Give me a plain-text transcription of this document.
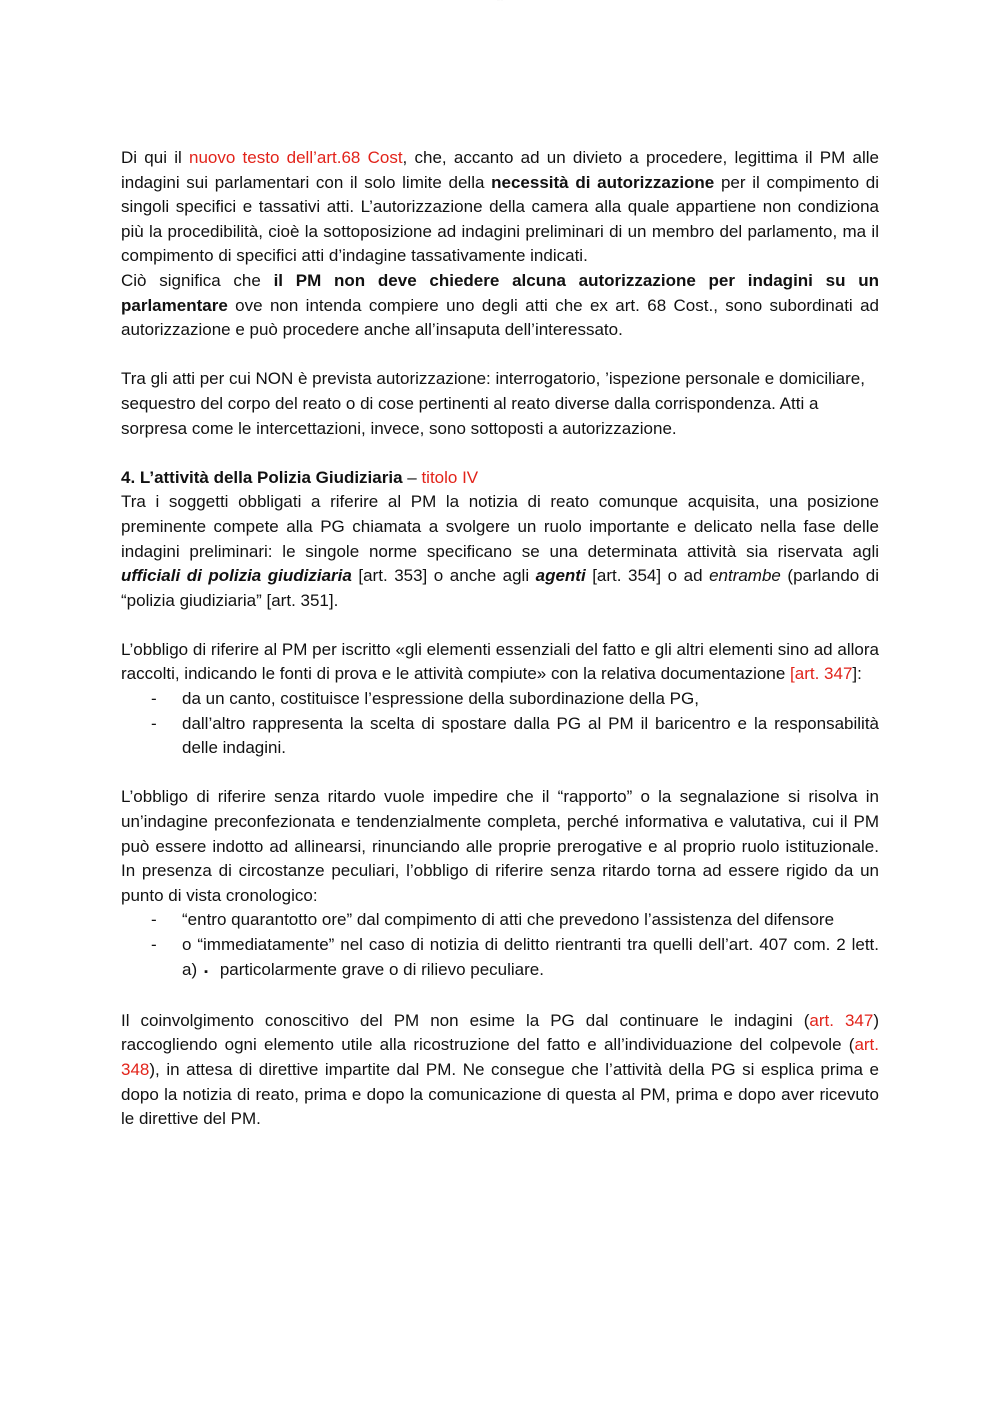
· · · · ·

Di qui il nuovo testo dell’art.68 Cost, che, accanto ad un divieto a procedere, legittima il PM alle indagini sui parlamentari con il solo limite della necessità di autorizzazione per il compimento di singoli specifici e tassativi atti. L’autorizzazione della camera alla quale appartiene non condiziona più la procedibilità, cioè la sottoposizione ad indagini preliminari di un membro del parlamento, ma il compimento di specifici atti d’indagine tassativamente indicati.

Ciò significa che il PM non deve chiedere alcuna autorizzazione per indagini su un parlamentare ove non intenda compiere uno degli atti che ex art. 68 Cost., sono subordinati ad autorizzazione e può procedere anche all’insaputa dell’interessato.

Tra gli atti per cui NON è prevista autorizzazione: interrogatorio, ’ispezione personale e domiciliare, sequestro del corpo del reato o di cose pertinenti al reato diverse dalla corrispondenza. Atti a sorpresa come le intercettazioni, invece, sono sottoposti a autorizzazione.

4. L’attività della Polizia Giudiziaria – titolo IV

Tra i soggetti obbligati a riferire al PM la notizia di reato comunque acquisita, una posizione preminente compete alla PG chiamata a svolgere un ruolo importante e delicato nella fase delle indagini preliminari: le singole norme specificano se una determinata attività sia riservata agli ufficiali di polizia giudiziaria [art. 353] o anche agli agenti [art. 354] o ad entrambe (parlando di “polizia giudiziaria” [art. 351].

L’obbligo di riferire al PM per iscritto «gli elementi essenziali del fatto e gli altri elementi sino ad allora raccolti, indicando le fonti di prova e le attività compiute» con la relativa documentazione [art. 347]:

- da un canto, costituisce l’espressione della subordinazione della PG,
- dall’altro rappresenta la scelta di spostare dalla PG al PM il baricentro e la responsabilità delle indagini.

L’obbligo di riferire senza ritardo vuole impedire che il “rapporto” o la segnalazione si risolva in un’indagine preconfezionata e tendenzialmente completa, perché informativa e valutativa, cui il PM può essere indotto ad allinearsi, rinunciando alle proprie prerogative e al proprio ruolo istituzionale. In presenza di circostanze peculiari, l’obbligo di riferire senza ritardo torna ad essere rigido da un punto di vista cronologico:

- “entro quarantotto ore” dal compimento di atti che prevedono l’assistenza del difensore
- o “immediatamente” nel caso di notizia di delitto rientranti tra quelli dell’art. 407 com. 2 lett. a) ▪ particolarmente grave o di rilievo peculiare.

Il coinvolgimento conoscitivo del PM non esime la PG dal continuare le indagini (art. 347) raccogliendo ogni elemento utile alla ricostruzione del fatto e all’individuazione del colpevole (art. 348), in attesa di direttive impartite dal PM. Ne consegue che l’attività della PG si esplica prima e dopo la notizia di reato, prima e dopo la comunicazione di questa al PM, prima e dopo aver ricevuto le direttive del PM.
